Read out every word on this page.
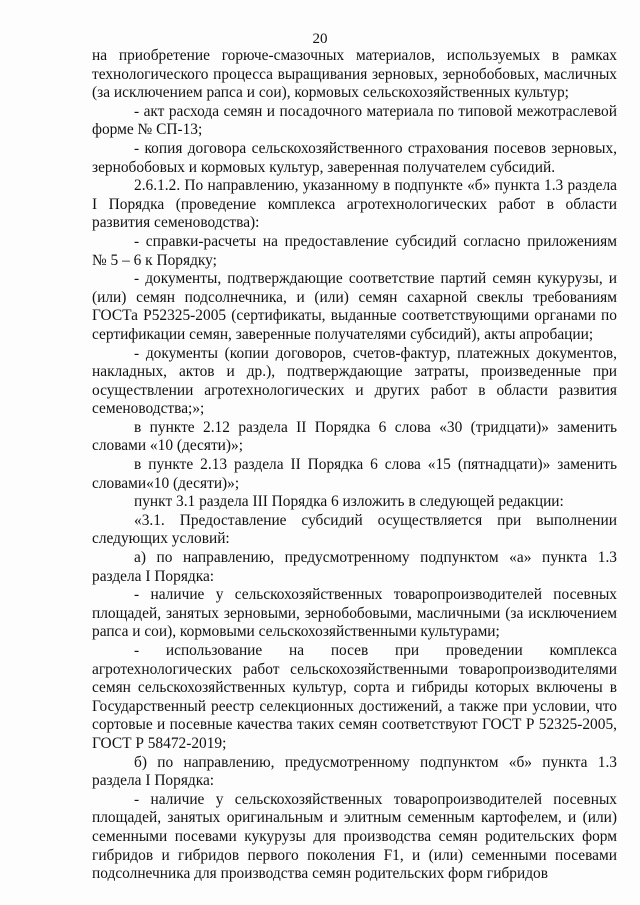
20

на приобретение горюче-смазочных материалов, используемых в рамках технологического процесса выращивания зерновых, зернобобовых, масличных (за исключением рапса и сои), кормовых сельскохозяйственных культур;

- акт расхода семян и посадочного материала по типовой межотраслевой форме № СП-13;

- копия договора сельскохозяйственного страхования посевов зерновых, зернобобовых и кормовых культур, заверенная получателем субсидий.

2.6.1.2. По направлению, указанному в подпункте «б» пункта 1.3 раздела I Порядка (проведение комплекса агротехнологических работ в области развития семеноводства):

- справки-расчеты на предоставление субсидий согласно приложениям № 5 – 6 к Порядку;

- документы, подтверждающие соответствие партий семян кукурузы, и (или) семян подсолнечника, и (или) семян сахарной свеклы требованиям ГОСТа Р52325-2005 (сертификаты, выданные соответствующими органами по сертификации семян, заверенные получателями субсидий), акты апробации;

- документы (копии договоров, счетов-фактур, платежных документов, накладных, актов и др.), подтверждающие затраты, произведенные при осуществлении агротехнологических и других работ в области развития семеноводства;»;

в пункте 2.12 раздела II Порядка 6 слова «30 (тридцати)» заменить словами «10 (десяти)»;

в пункте 2.13 раздела II Порядка 6 слова «15 (пятнадцати)» заменить словами«10 (десяти)»;

пункт 3.1 раздела III Порядка 6 изложить в следующей редакции:

«3.1. Предоставление субсидий осуществляется при выполнении следующих условий:

а) по направлению, предусмотренному подпунктом «а» пункта 1.3 раздела I Порядка:

- наличие у сельскохозяйственных товаропроизводителей посевных площадей, занятых зерновыми, зернобобовыми, масличными (за исключением рапса и сои), кормовыми сельскохозяйственными культурами;

- использование на посев при проведении комплекса агротехнологических работ сельскохозяйственными товаропроизводителями семян сельскохозяйственных культур, сорта и гибриды которых включены в Государственный реестр селекционных достижений, а также при условии, что сортовые и посевные качества таких семян соответствуют ГОСТ Р 52325-2005, ГОСТ Р 58472-2019;

б) по направлению, предусмотренному подпунктом «б» пункта 1.3 раздела I Порядка:

- наличие у сельскохозяйственных товаропроизводителей посевных площадей, занятых оригинальным и элитным семенным картофелем, и (или) семенными посевами кукурузы для производства семян родительских форм гибридов и гибридов первого поколения F1, и (или) семенными посевами подсолнечника для производства семян родительских форм гибридов
